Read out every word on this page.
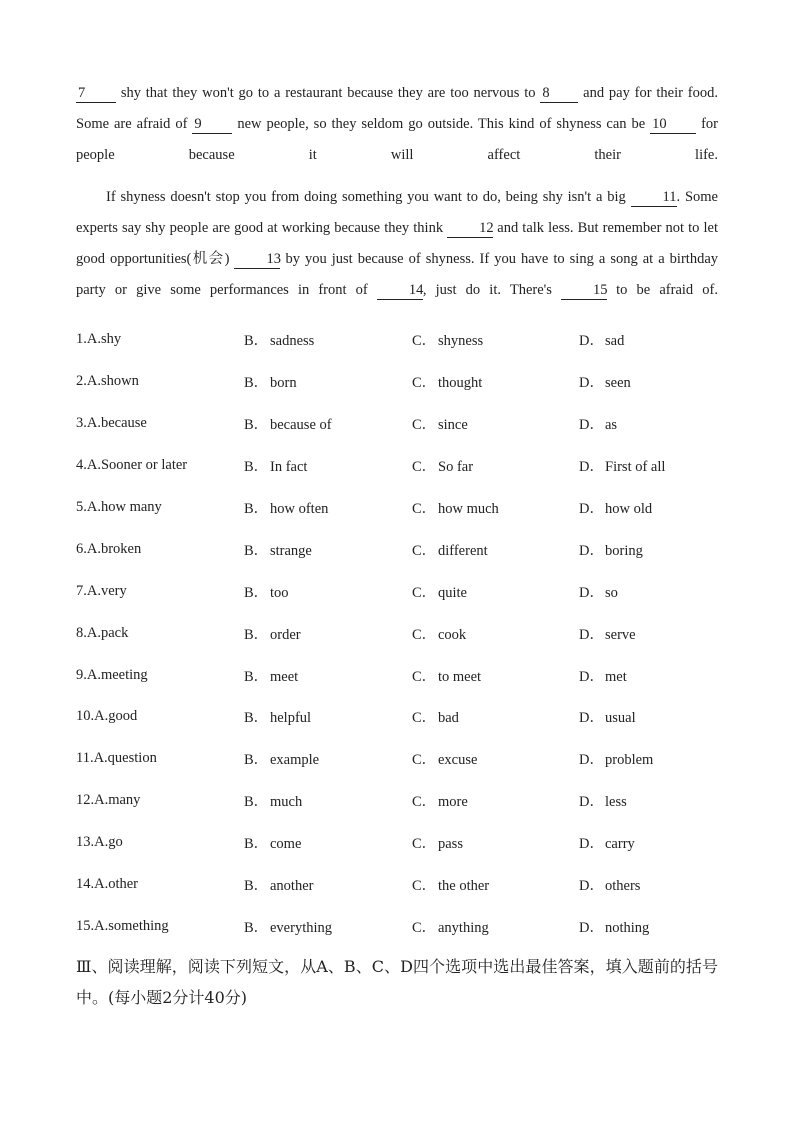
7 shy that they won't go to a restaurant because they are too nervous to 8 and pay for their food. Some are afraid of 9 new people, so they seldom go outside. This kind of shyness can be 10 for people because it will affect their life.

If shyness doesn't stop you from doing something you want to do, being shy isn't a big 11. Some experts say shy people are good at working because they think 12 and talk less. But remember not to let good opportunities(机会) 13 by you just because of shyness. If you have to sing a song at a birthday party or give some performances in front of 14, just do it. There's 15 to be afraid of.

1.A.shy	B． sadness	C． shyness	D．sad
2.A.shown	B． born	C． thought	D．seen
3.A.because	B． because of	C． since	D．as
4.A.Sooner or later	B． In fact	C． So far	D．First of all
5.A.how many	B． how often	C． how much	D．how old
6.A.broken	B． strange	C． different	D．boring
7.A.very	B． too	C． quite	D．so
8.A.pack	B． order	C． cook	D．serve
9.A.meeting	B． meet	C． to meet	D．met
10.A.good	B． helpful	C． bad	D．usual
11.A.question	B． example	C． excuse	D．problem
12.A.many	B． much	C． more	D．less
13.A.go	B． come	C． pass	D．carry
14.A.other	B． another	C． the other	D．others
15.A.something	B． everything	C． anything	D．nothing
Ⅲ、阅读理解，阅读下列短文，从A、B、C、D四个选项中选出最佳答案，填入题前的括号中。(每小题2分计40分)
